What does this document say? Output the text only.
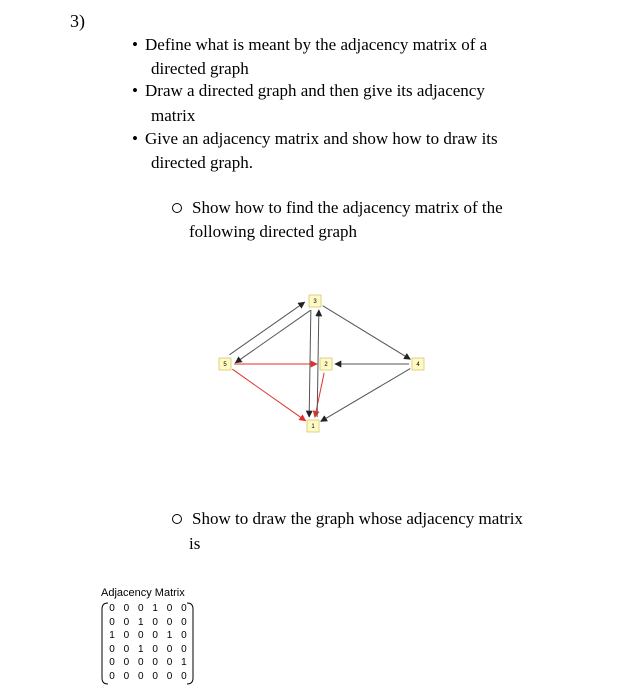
3)
• Define what is meant by the adjacency matrix of a
directed graph
• Draw a directed graph and then give its adjacency
matrix
• Give an adjacency matrix and show how to draw its
directed graph.
Show how to find the adjacency matrix of the
following directed graph
Show to draw the graph whose adjacency matrix
is
3
5	2	4
1
Adjacency Matrix
0 0 0 1 0 0
0 0 1 0 0 0
1 0 0 0 1 0
0 0 1 0 0 0
0 0 0 0 0 1
0 0 0 0 0 0
